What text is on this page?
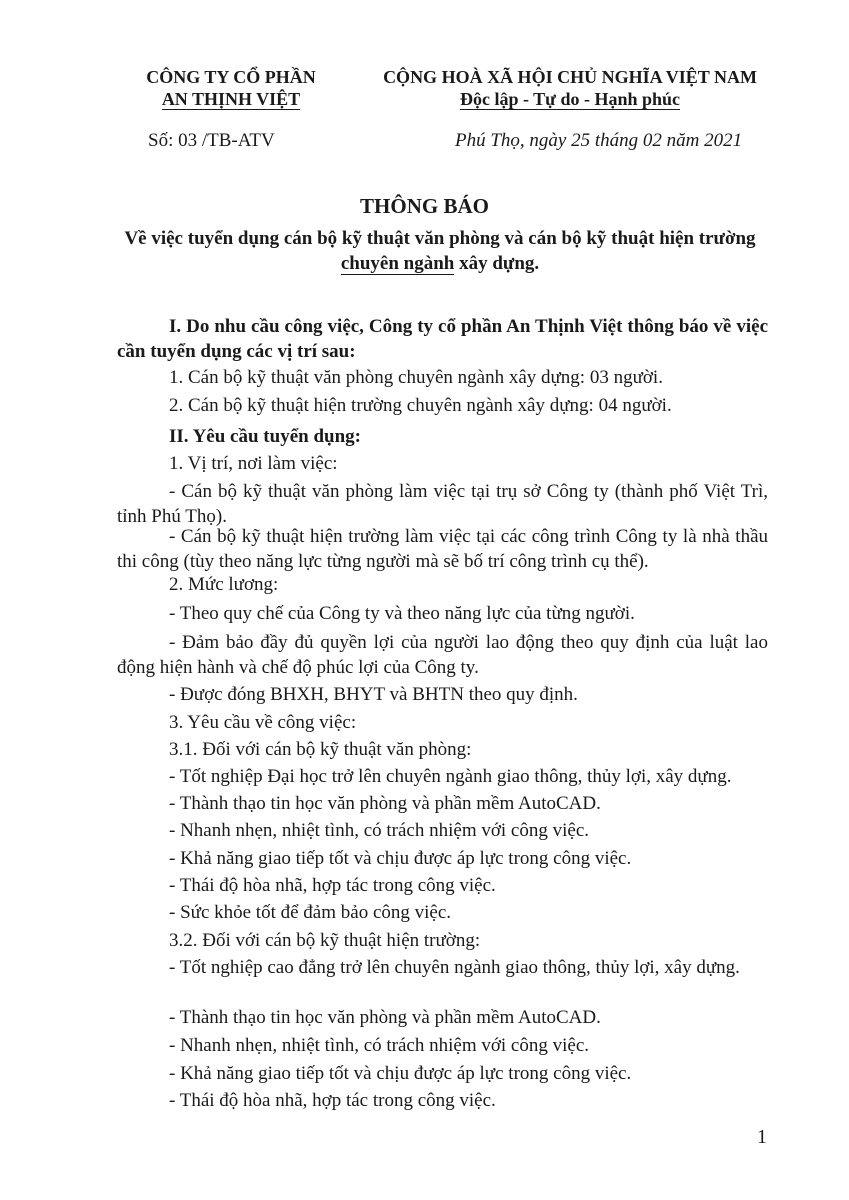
CÔNG TY CỔ PHẦN
AN THỊNH VIỆT
CỘNG HOÀ XÃ HỘI CHỦ NGHĨA VIỆT NAM
Độc lập - Tự do - Hạnh phúc
Số: 03 /TB-ATV	Phú Thọ, ngày 25 tháng 02 năm 2021
THÔNG BÁO
Về việc tuyển dụng cán bộ kỹ thuật văn phòng và cán bộ kỹ thuật hiện trường chuyên ngành xây dựng.
I. Do nhu cầu công việc, Công ty cổ phần An Thịnh Việt thông báo về việc cần tuyển dụng các vị trí sau:
1. Cán bộ kỹ thuật văn phòng chuyên ngành xây dựng: 03 người.
2. Cán bộ kỹ thuật hiện trường chuyên ngành xây dựng: 04 người.
II. Yêu cầu tuyển dụng:
1. Vị trí, nơi làm việc:
- Cán bộ kỹ thuật văn phòng làm việc tại trụ sở Công ty (thành phố Việt Trì, tỉnh Phú Thọ).
- Cán bộ kỹ thuật hiện trường làm việc tại các công trình Công ty là nhà thầu thi công (tùy theo năng lực từng người mà sẽ bố trí công trình cụ thể).
2. Mức lương:
- Theo quy chế của Công ty và theo năng lực của từng người.
- Đảm bảo đầy đủ quyền lợi của người lao động theo quy định của luật lao động hiện hành và chế độ phúc lợi của Công ty.
- Được đóng BHXH, BHYT và BHTN theo quy định.
3. Yêu cầu về công việc:
3.1. Đối với cán bộ kỹ thuật văn phòng:
- Tốt nghiệp Đại học trở lên chuyên ngành giao thông, thủy lợi, xây dựng.
- Thành thạo tin học văn phòng và phần mềm AutoCAD.
- Nhanh nhẹn, nhiệt tình, có trách nhiệm với công việc.
- Khả năng giao tiếp tốt và chịu được áp lực trong công việc.
- Thái độ hòa nhã, hợp tác trong công việc.
- Sức khỏe tốt để đảm bảo công việc.
3.2. Đối với cán bộ kỹ thuật hiện trường:
- Tốt nghiệp cao đẳng trở lên chuyên ngành giao thông, thủy lợi, xây dựng.
- Thành thạo tin học văn phòng và phần mềm AutoCAD.
- Nhanh nhẹn, nhiệt tình, có trách nhiệm với công việc.
- Khả năng giao tiếp tốt và chịu được áp lực trong công việc.
- Thái độ hòa nhã, hợp tác trong công việc.
1
